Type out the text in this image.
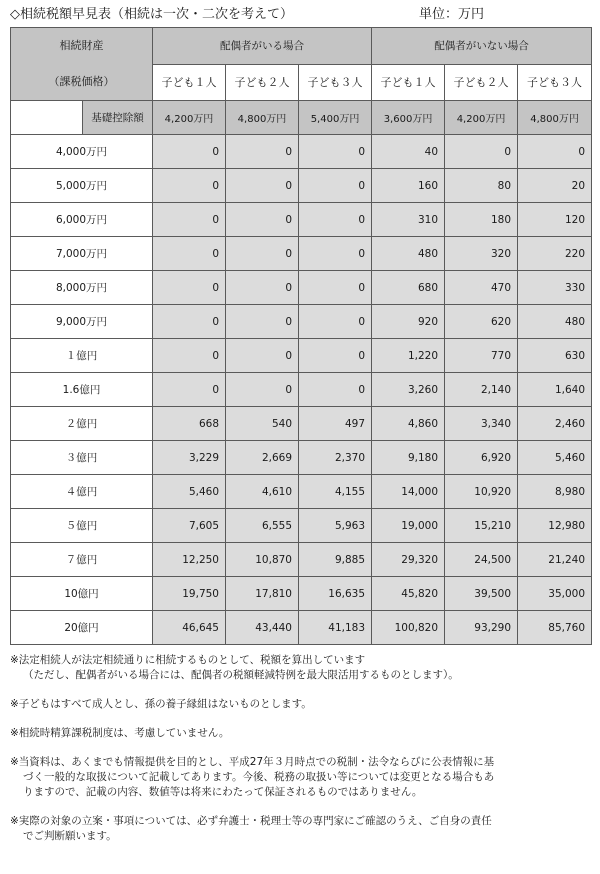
◇相続税額早見表（相続は一次・二次を考えて）	単位：万円
相続財産
（課税価格）		配偶者がいる場合			配偶者がいない場合		
		子ども１人	子ども２人	子ども３人	子ども１人	子ども２人	子ども３人
	基礎控除額	4,200万円	4,800万円	5,400万円	3,600万円	4,200万円	4,800万円
4,000万円		0	0	0	40	0	0
5,000万円		0	0	0	160	80	20
6,000万円		0	0	0	310	180	120
7,000万円		0	0	0	480	320	220
8,000万円		0	0	0	680	470	330
9,000万円		0	0	0	920	620	480
１億円		0	0	0	1,220	770	630
1.6億円		0	0	0	3,260	2,140	1,640
２億円		668	540	497	4,860	3,340	2,460
３億円		3,229	2,669	2,370	9,180	6,920	5,460
４億円		5,460	4,610	4,155	14,000	10,920	8,980
５億円		7,605	6,555	5,963	19,000	15,210	12,980
７億円		12,250	10,870	9,885	29,320	24,500	21,240
10億円		19,750	17,810	16,635	45,820	39,500	35,000
20億円		46,645	43,440	41,183	100,820	93,290	85,760

※法定相続人が法定相続通りに相続するものとして、税額を算出しています
（ただし、配偶者がいる場合には、配偶者の税額軽減特例を最大限活用するものとします）。

※子どもはすべて成人とし、孫の養子縁組はないものとします。

※相続時精算課税制度は、考慮していません。

※当資料は、あくまでも情報提供を目的とし、平成27年３月時点での税制・法令ならびに公表情報に基

づく一般的な取扱について記載してあります。今後、税務の取扱い等については変更となる場合もあ
りますので、記載の内容、数値等は将来にわたって保証されるものではありません。

※実際の対象の立案・事項については、必ず弁護士・税理士等の専門家にご確認のうえ、ご自身の責任

でご判断願います。
